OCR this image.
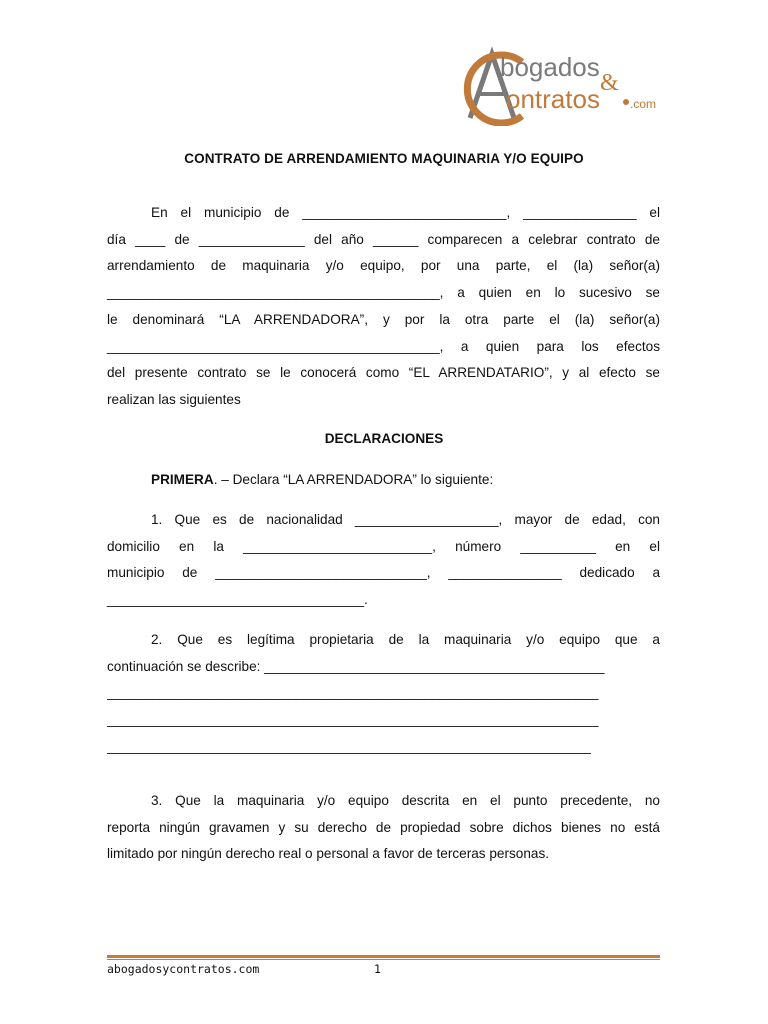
bogados
&
ontratos	.com
CONTRATO DE ARRENDAMIENTO MAQUINARIA Y/O EQUIPO

En el municipio de ___________________________, _______________ el

día ____ de ______________ del año ______ comparecen a celebrar contrato de

arrendamiento de maquinaria y/o equipo, por una parte, el (la) señor(a)

____________________________________________, a quien en lo sucesivo se

le denominará “LA ARRENDADORA”, y por la otra parte el (la) señor(a)

____________________________________________, a quien para los efectos

del presente contrato se le conocerá como “EL ARRENDATARIO”, y al efecto se

realizan las siguientes

DECLARACIONES

PRIMERA. – Declara “LA ARRENDADORA” lo siguiente:

1. Que es de nacionalidad ___________________, mayor de edad, con

domicilio en la _________________________, número __________ en el

municipio de ____________________________, _______________ dedicado a

__________________________________.

2. Que es legítima propietaria de la maquinaria y/o equipo que a

continuación se describe: _____________________________________________

_________________________________________________________________

_________________________________________________________________

________________________________________________________________

3. Que la maquinaria y/o equipo descrita en el punto precedente, no

reporta ningún gravamen y su derecho de propiedad sobre dichos bienes no está

limitado por ningún derecho real o personal a favor de terceras personas.

abogadosycontratos.com	1
